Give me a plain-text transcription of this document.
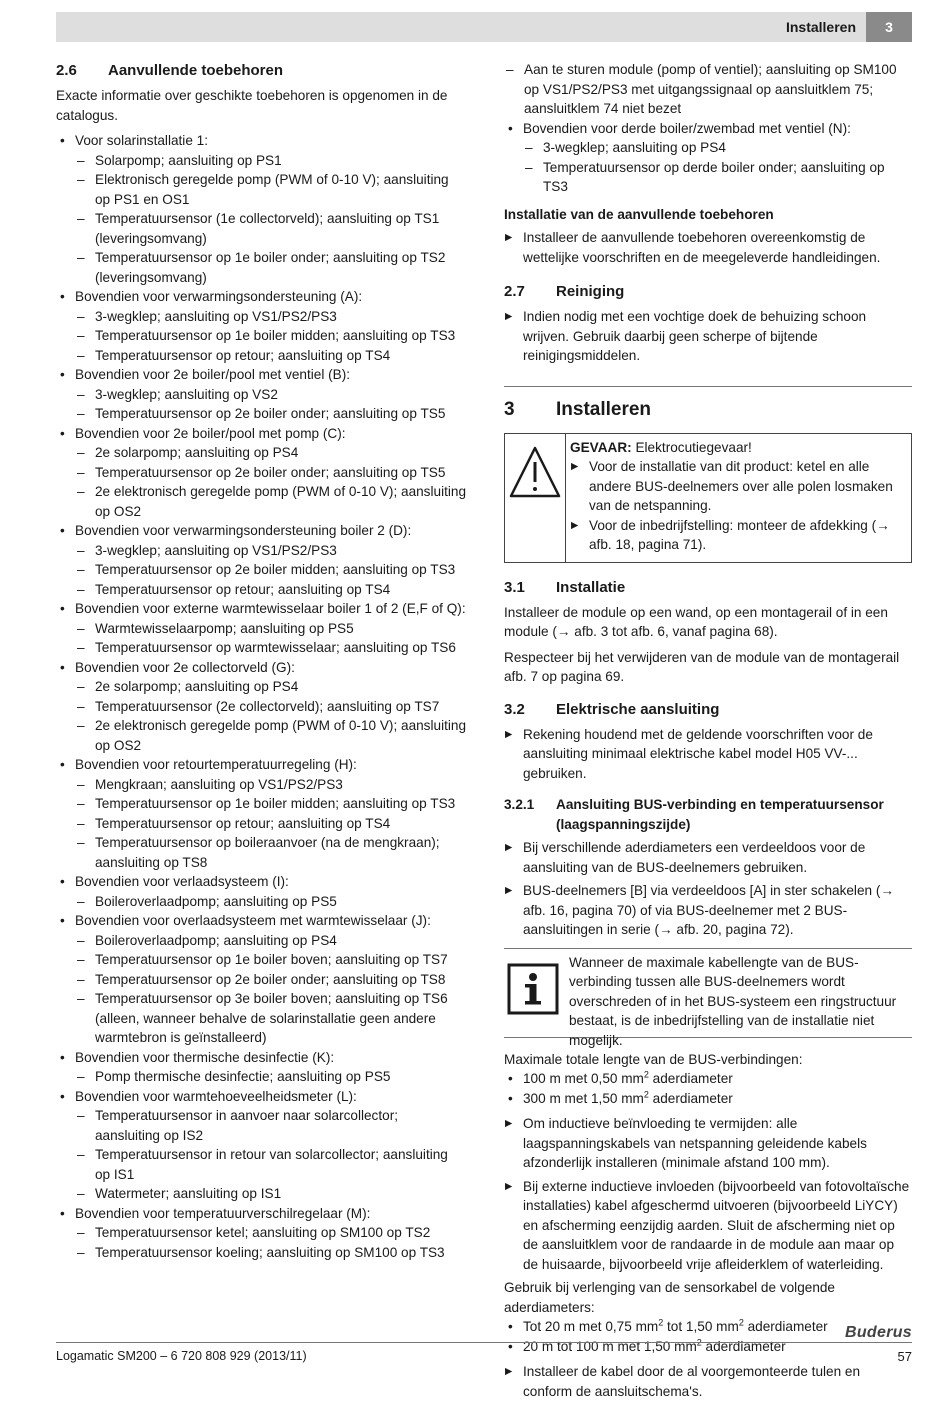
Installeren	3
2.6 Aanvullende toebehoren

Exacte informatie over geschikte toebehoren is opgenomen in de catalogus.

• Voor solarinstallatie 1:
– Solarpomp; aansluiting op PS1
– Elektronisch geregelde pomp (PWM of 0-10 V); aansluiting op PS1 en OS1
– Temperatuursensor (1e collectorveld); aansluiting op TS1 (leveringsomvang)
– Temperatuursensor op 1e boiler onder; aansluiting op TS2 (leveringsomvang)
• Bovendien voor verwarmingsondersteuning (A):
– 3-wegklep; aansluiting op VS1/PS2/PS3
– Temperatuursensor op 1e boiler midden; aansluiting op TS3
– Temperatuursensor op retour; aansluiting op TS4
• Bovendien voor 2e boiler/pool met ventiel (B):
– 3-wegklep; aansluiting op VS2
– Temperatuursensor op 2e boiler onder; aansluiting op TS5
• Bovendien voor 2e boiler/pool met pomp (C):
– 2e solarpomp; aansluiting op PS4
– Temperatuursensor op 2e boiler onder; aansluiting op TS5
– 2e elektronisch geregelde pomp (PWM of 0-10 V); aansluiting op OS2
• Bovendien voor verwarmingsondersteuning boiler 2 (D):
– 3-wegklep; aansluiting op VS1/PS2/PS3
– Temperatuursensor op 2e boiler midden; aansluiting op TS3
– Temperatuursensor op retour; aansluiting op TS4
• Bovendien voor externe warmtewisselaar boiler 1 of 2 (E,F of Q):
– Warmtewisselaarpomp; aansluiting op PS5
– Temperatuursensor op warmtewisselaar; aansluiting op TS6
• Bovendien voor 2e collectorveld (G):
– 2e solarpomp; aansluiting op PS4
– Temperatuursensor (2e collectorveld); aansluiting op TS7
– 2e elektronisch geregelde pomp (PWM of 0-10 V); aansluiting op OS2
• Bovendien voor retourtemperatuurregeling (H):
– Mengkraan; aansluiting op VS1/PS2/PS3
– Temperatuursensor op 1e boiler midden; aansluiting op TS3
– Temperatuursensor op retour; aansluiting op TS4
– Temperatuursensor op boileraanvoer (na de mengkraan); aansluiting op TS8
• Bovendien voor verlaadsysteem (I):
– Boileroverlaadpomp; aansluiting op PS5
• Bovendien voor overlaadsysteem met warmtewisselaar (J):
– Boileroverlaadpomp; aansluiting op PS4
– Temperatuursensor op 1e boiler boven; aansluiting op TS7
– Temperatuursensor op 2e boiler onder; aansluiting op TS8
– Temperatuursensor op 3e boiler boven; aansluiting op TS6 (alleen, wanneer behalve de solarinstallatie geen andere warmtebron is geïnstalleerd)
• Bovendien voor thermische desinfectie (K):
– Pomp thermische desinfectie; aansluiting op PS5
• Bovendien voor warmtehoeveelheidsmeter (L):
– Temperatuursensor in aanvoer naar solarcollector; aansluiting op IS2
– Temperatuursensor in retour van solarcollector; aansluiting op IS1
– Watermeter; aansluiting op IS1
• Bovendien voor temperatuurverschilregelaar (M):
– Temperatuursensor ketel; aansluiting op SM100 op TS2
– Temperatuursensor koeling; aansluiting op SM100 op TS3
– Aan te sturen module (pomp of ventiel); aansluiting op SM100 op VS1/PS2/PS3 met uitgangssignaal op aansluitklem 75; aansluitklem 74 niet bezet
• Bovendien voor derde boiler/zwembad met ventiel (N):
– 3-wegklep; aansluiting op PS4
– Temperatuursensor op derde boiler onder; aansluiting op TS3
Installatie van de aanvullende toebehoren

▶ Installeer de aanvullende toebehoren overeenkomstig de wettelijke voorschriften en de meegeleverde handleidingen.

2.7 Reiniging

▶ Indien nodig met een vochtige doek de behuizing schoon wrijven. Gebruik daarbij geen scherpe of bijtende reinigingsmiddelen.

3 Installeren

GEVAAR: Elektrocutiegevaar!

▶ Voor de installatie van dit product: ketel en alle andere BUS-deelnemers over alle polen losmaken van de netspanning.

▶ Voor de inbedrijfstelling: monteer de afdekking (→ afb. 18, pagina 71).

3.1 Installatie

Installeer de module op een wand, op een montagerail of in een module (→ afb. 3 tot afb. 6, vanaf pagina 68).

Respecteer bij het verwijderen van de module van de montagerail afb. 7 op pagina 69.

3.2 Elektrische aansluiting

▶ Rekening houdend met de geldende voorschriften voor de aansluiting minimaal elektrische kabel model H05 VV-... gebruiken.

3.2.1	Aansluiting BUS-verbinding en temperatuursensor (laagspanningszijde)

▶ Bij verschillende aderdiameters een verdeeldoos voor de aansluiting van de BUS-deelnemers gebruiken.

▶ BUS-deelnemers [B] via verdeeldoos [A] in ster schakelen (→ afb. 16, pagina 70) of via BUS-deelnemer met 2 BUS-aansluitingen in serie (→ afb. 20, pagina 72).

Wanneer de maximale kabellengte van de BUS-verbinding tussen alle BUS-deelnemers wordt overschreden of in het BUS-systeem een ringstructuur bestaat, is de inbedrijfstelling van de installatie niet mogelijk.

Maximale totale lengte van de BUS-verbindingen:

• 100 m met 0,50 $mm^2$ aderdiameter
• 300 m met 1,50 $mm^2$ aderdiameter

▶ Om inductieve beïnvloeding te vermijden: alle laagspanningskabels van netspanning geleidende kabels afzonderlijk installeren (minimale afstand 100 mm).

▶ Bij externe inductieve invloeden (bijvoorbeeld van fotovoltaïsche installaties) kabel afgeschermd uitvoeren (bijvoorbeeld LiYCY) en afscherming eenzijdig aarden. Sluit de afscherming niet op de aansluitklem voor de randaarde in de module aan maar op de huisaarde, bijvoorbeeld vrije afleiderklem of waterleiding.

Gebruik bij verlenging van de sensorkabel de volgende aderdiameters:

• Tot 20 m met 0,75 $mm^2$ tot 1,50 $mm^2$ aderdiameter
• 20 m tot 100 m met 1,50 $mm^2$ aderdiameter

▶ Installeer de kabel door de al voorgemonteerde tulen en conform de aansluitschema's.

Buderus
Logamatic SM200 – 6 720 808 929 (2013/11)	57
